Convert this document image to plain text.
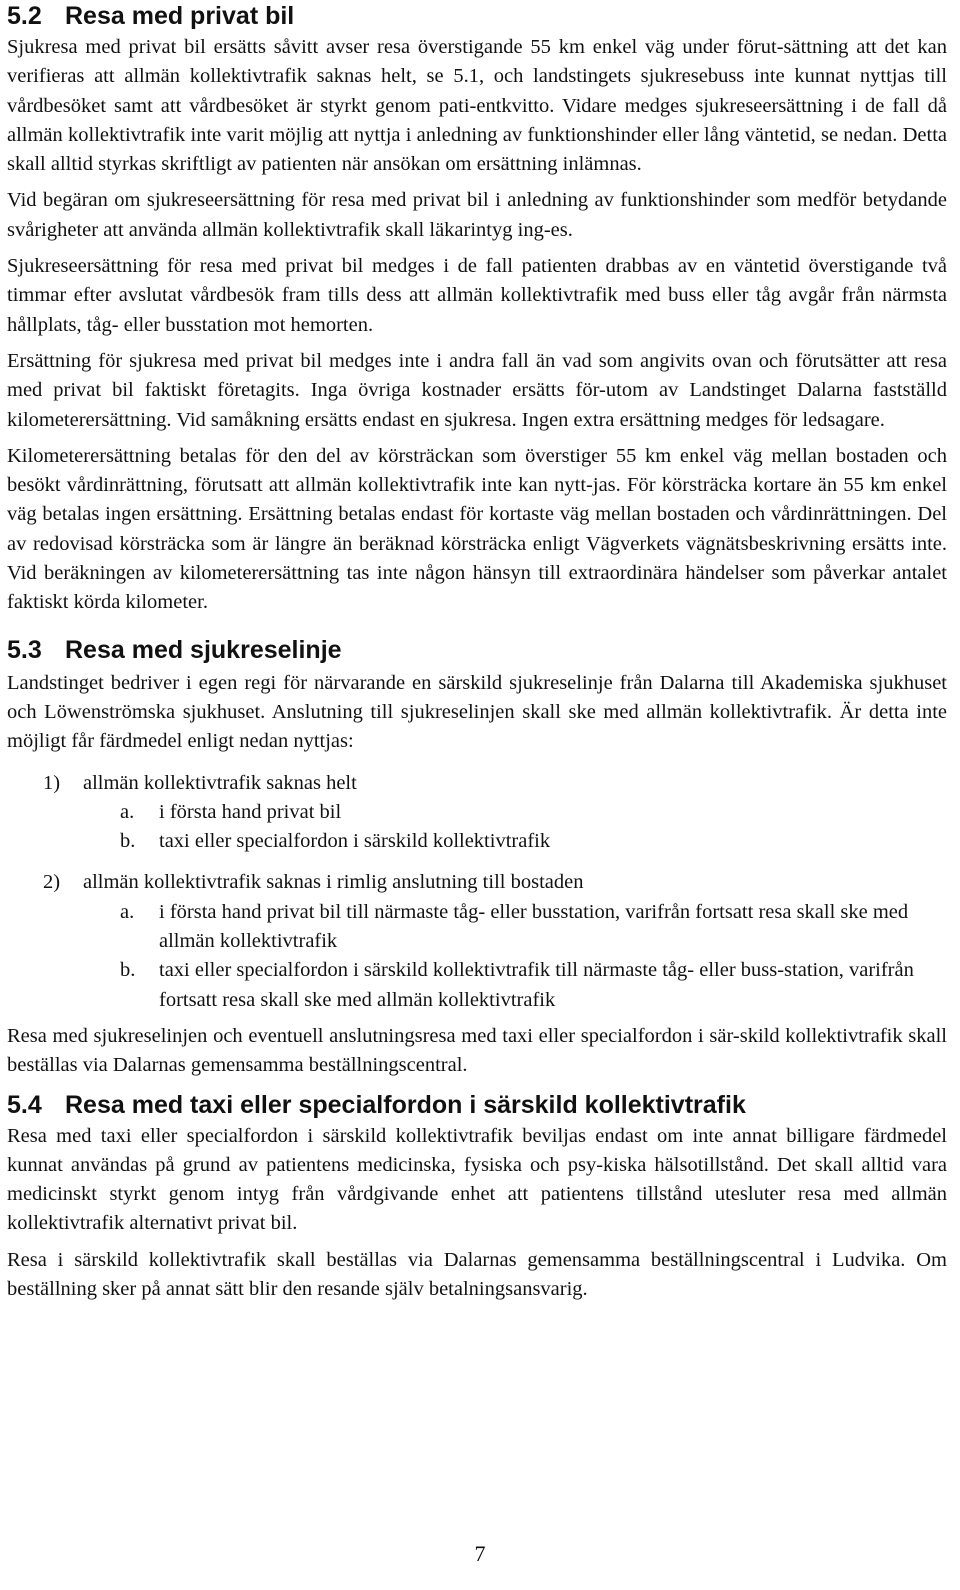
5.2 Resa med privat bil

Sjukresa med privat bil ersätts såvitt avser resa överstigande 55 km enkel väg under förut-sättning att det kan verifieras att allmän kollektivtrafik saknas helt, se 5.1, och landstingets sjukresebuss inte kunnat nyttjas till vårdbesöket samt att vårdbesöket är styrkt genom pati-entkvitto. Vidare medges sjukreseersättning i de fall då allmän kollektivtrafik inte varit möjlig att nyttja i anledning av funktionshinder eller lång väntetid, se nedan. Detta skall alltid styrkas skriftligt av patienten när ansökan om ersättning inlämnas.

Vid begäran om sjukreseersättning för resa med privat bil i anledning av funktionshinder som medför betydande svårigheter att använda allmän kollektivtrafik skall läkarintyg ing-es.

Sjukreseersättning för resa med privat bil medges i de fall patienten drabbas av en väntetid överstigande två timmar efter avslutat vårdbesök fram tills dess att allmän kollektivtrafik med buss eller tåg avgår från närmsta hållplats, tåg- eller busstation mot hemorten.

Ersättning för sjukresa med privat bil medges inte i andra fall än vad som angivits ovan och förutsätter att resa med privat bil faktiskt företagits. Inga övriga kostnader ersätts för-utom av Landstinget Dalarna fastställd kilometerersättning. Vid samåkning ersätts endast en sjukresa. Ingen extra ersättning medges för ledsagare.

Kilometerersättning betalas för den del av körsträckan som överstiger 55 km enkel väg mellan bostaden och besökt vårdinrättning, förutsatt att allmän kollektivtrafik inte kan nytt-jas. För körsträcka kortare än 55 km enkel väg betalas ingen ersättning. Ersättning betalas endast för kortaste väg mellan bostaden och vårdinrättningen. Del av redovisad körsträcka som är längre än beräknad körsträcka enligt Vägverkets vägnätsbeskrivning ersätts inte. Vid beräkningen av kilometerersättning tas inte någon hänsyn till extraordinära händelser som påverkar antalet faktiskt körda kilometer.

5.3 Resa med sjukreselinje

Landstinget bedriver i egen regi för närvarande en särskild sjukreselinje från Dalarna till Akademiska sjukhuset och Löwenströmska sjukhuset. Anslutning till sjukreselinjen skall ske med allmän kollektivtrafik. Är detta inte möjligt får färdmedel enligt nedan nyttjas:

1) allmän kollektivtrafik saknas helt
a. i första hand privat bil
b. taxi eller specialfordon i särskild kollektivtrafik
2) allmän kollektivtrafik saknas i rimlig anslutning till bostaden
a. i första hand privat bil till närmaste tåg- eller busstation, varifrån fortsatt resa skall ske med allmän kollektivtrafik
b. taxi eller specialfordon i särskild kollektivtrafik till närmaste tåg- eller buss-station, varifrån fortsatt resa skall ske med allmän kollektivtrafik

Resa med sjukreselinjen och eventuell anslutningsresa med taxi eller specialfordon i sär-skild kollektivtrafik skall beställas via Dalarnas gemensamma beställningscentral.

5.4 Resa med taxi eller specialfordon i särskild kollektivtrafik

Resa med taxi eller specialfordon i särskild kollektivtrafik beviljas endast om inte annat billigare färdmedel kunnat användas på grund av patientens medicinska, fysiska och psy-kiska hälsotillstånd. Det skall alltid vara medicinskt styrkt genom intyg från vårdgivande enhet att patientens tillstånd utesluter resa med allmän kollektivtrafik alternativt privat bil.

Resa i särskild kollektivtrafik skall beställas via Dalarnas gemensamma beställningscentral i Ludvika. Om beställning sker på annat sätt blir den resande själv betalningsansvarig.

7
